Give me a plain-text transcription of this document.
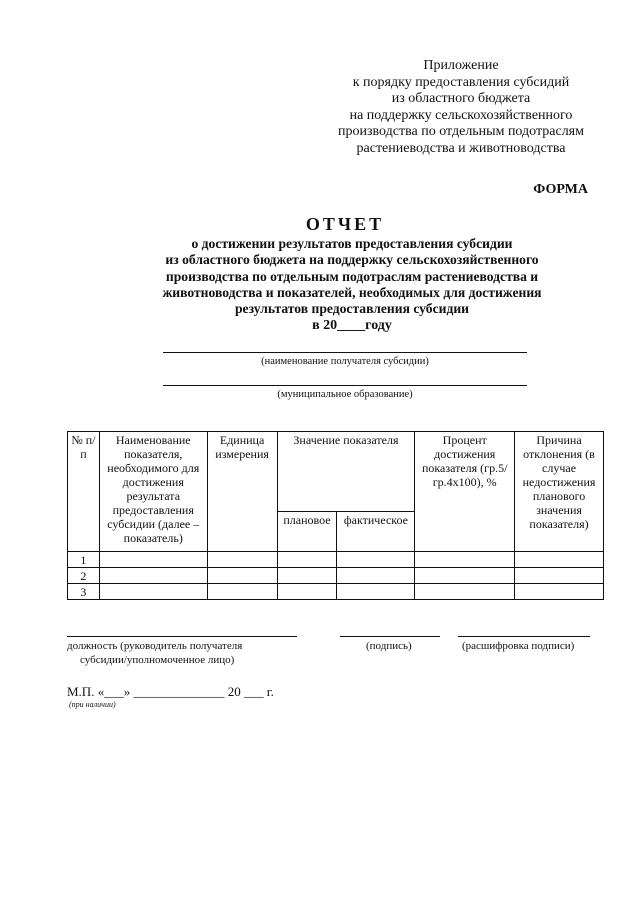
Приложение
к порядку предоставления субсидий
из областного бюджета
на поддержку сельскохозяйственного
производства по отдельным подотраслям
растениеводства и животноводства
ФОРМА
ОТЧЕТ
о достижении результатов предоставления субсидии
из областного бюджета на поддержку сельскохозяйственного
производства по отдельным подотраслям растениеводства и
животноводства и показателей, необходимых для достижения
результатов предоставления субсидии
в 20____году
(наименование получателя субсидии)
(муниципальное образование)
№ п/п	Наименование показателя, необходимого для достижения результата предоставления субсидии (далее – показатель)	Единица измерения	Значение показателя		Процент достижения показателя (гр.5/гр.4х100), %	Причина отклонения (в случае недостижения планового значения показателя)
			плановое	фактическое		
1						
2						
3						
должность (руководитель получателя
субсидии/уполномоченное лицо)
(подпись)	(расшифровка подписи)
М.П. «___» ______________ 20 ___ г.
(при наличии)
